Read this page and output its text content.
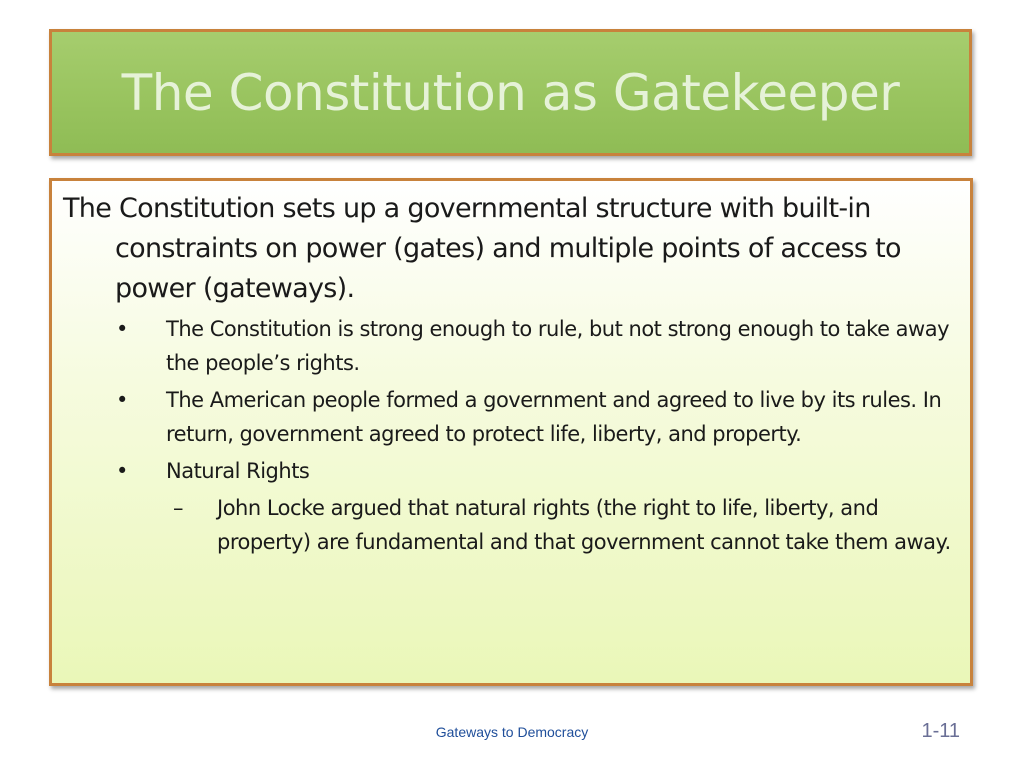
The Constitution as Gatekeeper
The Constitution sets up a governmental structure with built-in constraints on power (gates) and multiple points of access to power (gateways).
• The Constitution is strong enough to rule, but not strong enough to take away the people’s rights.
• The American people formed a government and agreed to live by its rules. In return, government agreed to protect life, liberty, and property.
• Natural Rights
– John Locke argued that natural rights (the right to life, liberty, and property) are fundamental and that government cannot take them away.
Gateways to Democracy	1-11
